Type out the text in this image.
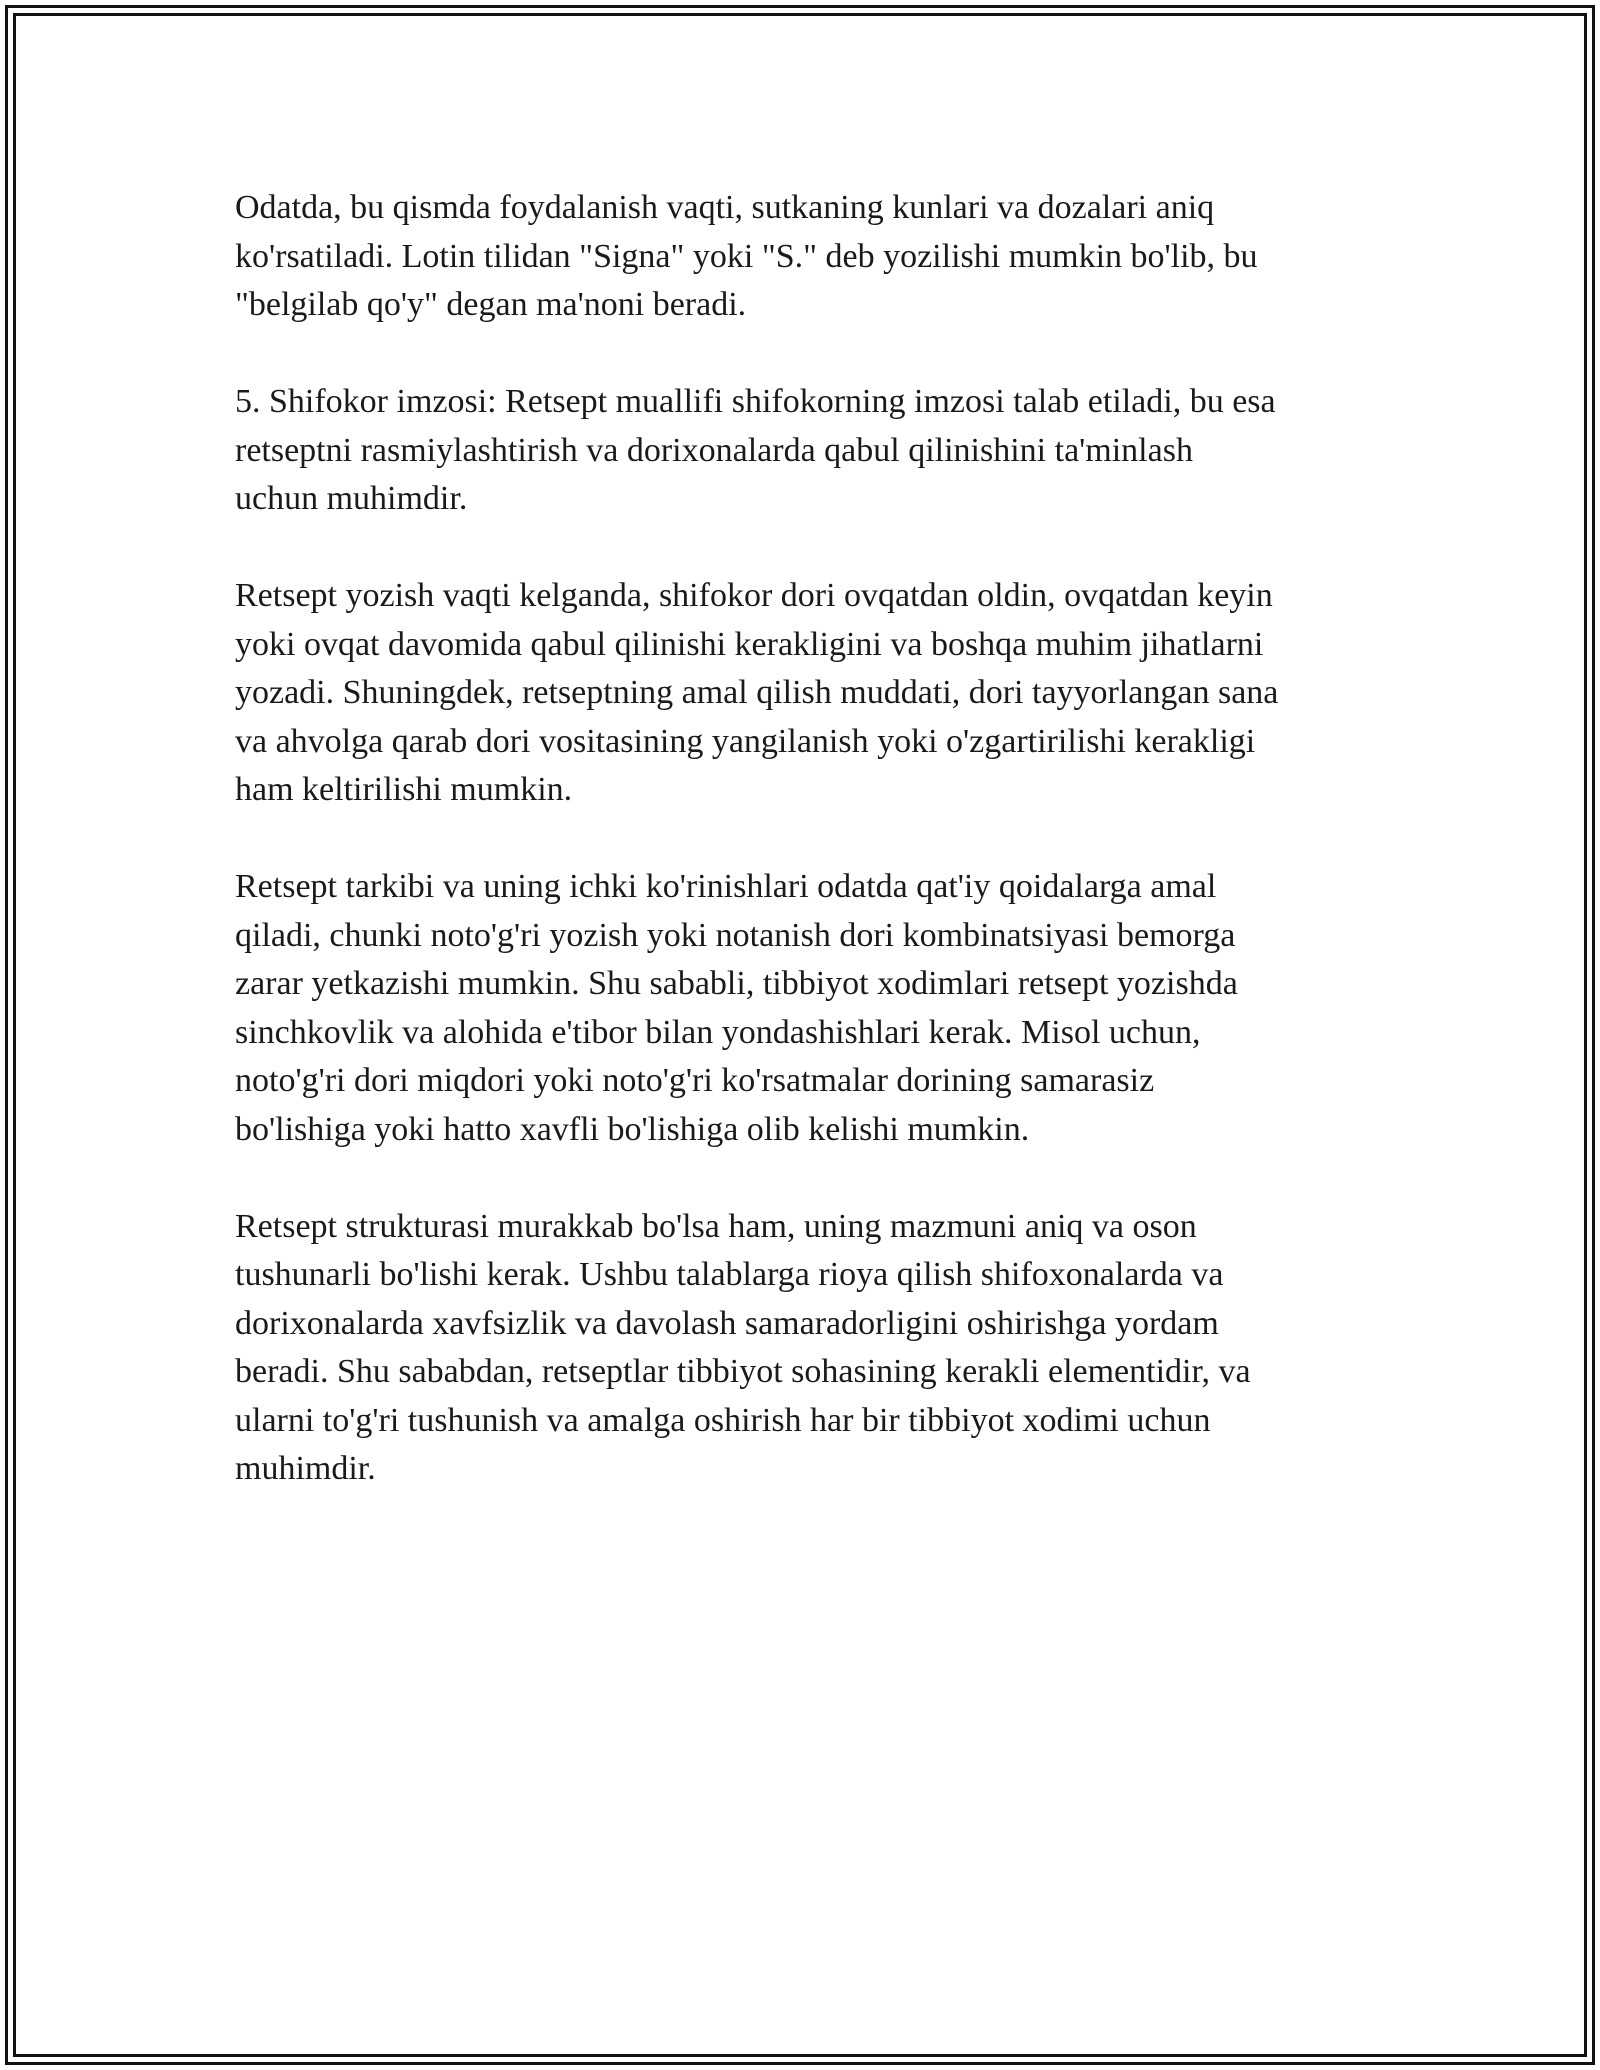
Odatda, bu qismda foydalanish vaqti, sutkaning kunlari va dozalari aniq
ko'rsatiladi. Lotin tilidan "Signa" yoki "S." deb yozilishi mumkin bo'lib, bu
"belgilab qo'y" degan ma'noni beradi.

5. Shifokor imzosi: Retsept muallifi shifokorning imzosi talab etiladi, bu esa
retseptni rasmiylashtirish va dorixonalarda qabul qilinishini ta'minlash
uchun muhimdir.

Retsept yozish vaqti kelganda, shifokor dori ovqatdan oldin, ovqatdan keyin
yoki ovqat davomida qabul qilinishi kerakligini va boshqa muhim jihatlarni
yozadi. Shuningdek, retseptning amal qilish muddati, dori tayyorlangan sana
va ahvolga qarab dori vositasining yangilanish yoki o'zgartirilishi kerakligi
ham keltirilishi mumkin.

Retsept tarkibi va uning ichki ko'rinishlari odatda qat'iy qoidalarga amal
qiladi, chunki noto'g'ri yozish yoki notanish dori kombinatsiyasi bemorga
zarar yetkazishi mumkin. Shu sababli, tibbiyot xodimlari retsept yozishda
sinchkovlik va alohida e'tibor bilan yondashishlari kerak. Misol uchun,
noto'g'ri dori miqdori yoki noto'g'ri ko'rsatmalar dorining samarasiz
bo'lishiga yoki hatto xavfli bo'lishiga olib kelishi mumkin.

Retsept strukturasi murakkab bo'lsa ham, uning mazmuni aniq va oson
tushunarli bo'lishi kerak. Ushbu talablarga rioya qilish shifoxonalarda va
dorixonalarda xavfsizlik va davolash samaradorligini oshirishga yordam
beradi. Shu sababdan, retseptlar tibbiyot sohasining kerakli elementidir, va
ularni to'g'ri tushunish va amalga oshirish har bir tibbiyot xodimi uchun
muhimdir.
